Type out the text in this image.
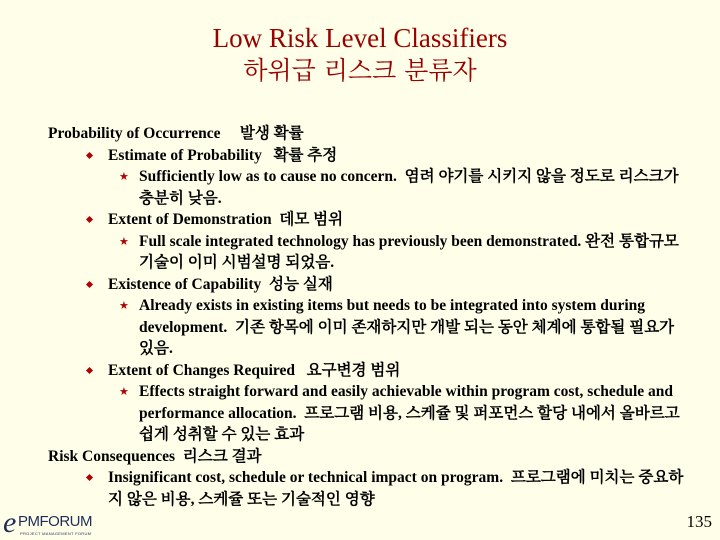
Low Risk Level Classifiers
하위급 리스크 분류자
Probability of Occurrence     발생 확률
Estimate of Probability   확률 추정
★ Sufficiently low as to cause no concern.  염려 야기를 시키지 않을 정도로 리스크가 충분히 낮음.
Extent of Demonstration  데모 범위
★ Full scale integrated technology has previously been demonstrated. 완전 통합규모 기술이 이미 시범설명 되었음.
Existence of Capability  성능 실재
★ Already exists in existing items but needs to be integrated into system during development.  기존 항목에 이미 존재하지만 개발 되는 동안 체계에 통합될 필요가 있음.
Extent of Changes Required   요구변경 범위
★ Effects straight forward and easily achievable within program cost, schedule and performance allocation.  프로그램 비용, 스케쥴 및 퍼포먼스 할당 내에서 올바르고 쉽게 성취할 수 있는 효과
Risk Consequences  리스크 결과
Insignificant cost, schedule or technical impact on program.  프로그램에 미치는 중요하지 않은 비용, 스케쥴 또는 기술적인 영향
e PMFORUM
PROJECT MANAGEMENT FORUM
135
